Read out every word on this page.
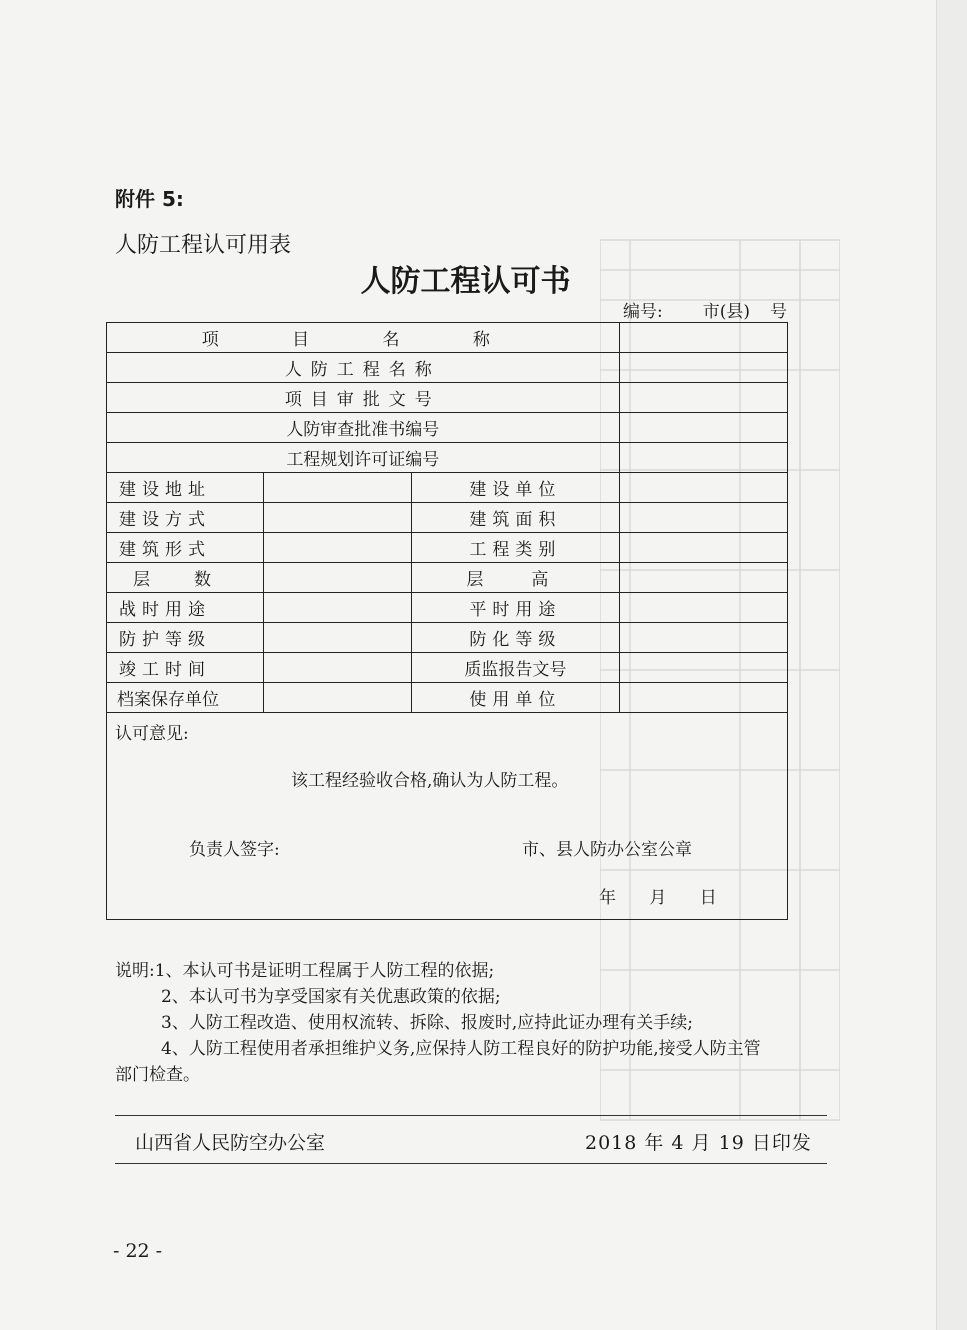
附件 5:
人防工程认可用表
人防工程认可书
编号: 市(县) 号
项 目 名 称			
人防工程名称			
项目审批文号			
人防审查批准书编号			
工程规划许可证编号			
建设地址		建设单位	
建设方式		建筑面积	
建筑形式		工程类别	
层数		层高	
战时用途		平时用途	
防护等级		防化等级	
竣工时间		质监报告文号	
档案保存单位		使用单位	

认可意见:
该工程经验收合格,确认为人防工程。
负责人签字: 市、县人防办公室公章
年 月 日			

说明:1、本认可书是证明工程属于人防工程的依据;

2、本认可书为享受国家有关优惠政策的依据;

3、人防工程改造、使用权流转、拆除、报废时,应持此证办理有关手续;

4、人防工程使用者承担维护义务,应保持人防工程良好的防护功能,接受人防主管

部门检查。

山西省人民防空办公室	2018 年 4 月 19 日印发
- 22 -
